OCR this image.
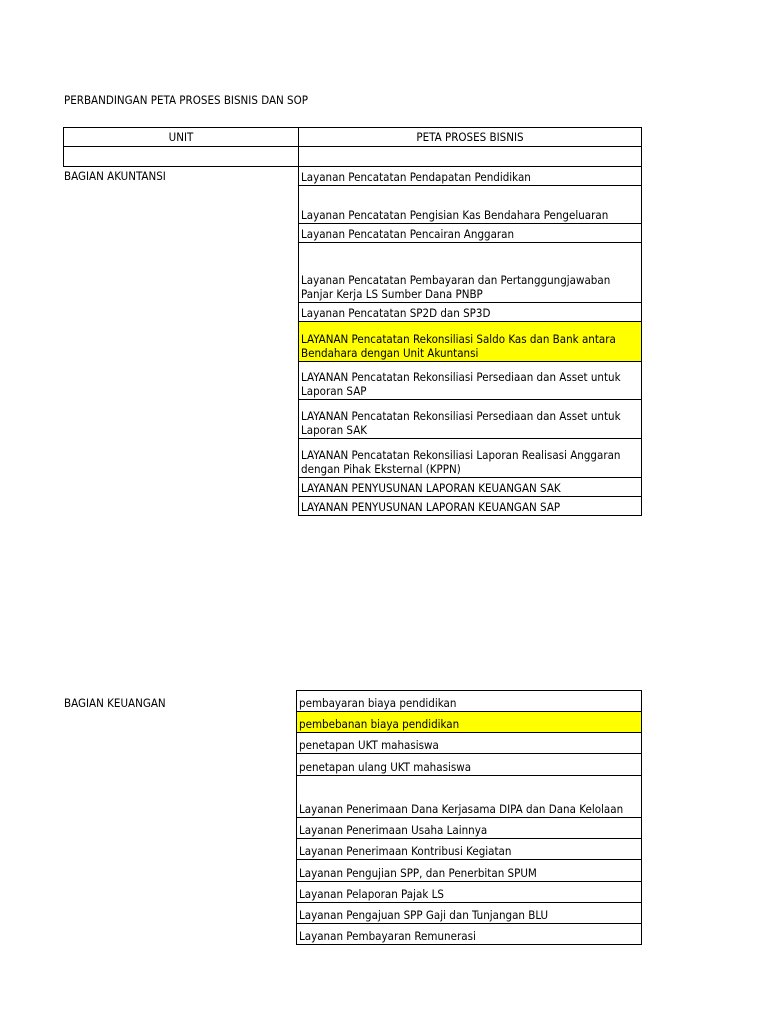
PERBANDINGAN PETA PROSES BISNIS DAN SOP
UNIT	PETA PROSES BISNIS
BAGIAN AKUNTANSI	Layanan Pencatatan Pendapatan Pendidikan
Layanan Pencatatan Pengisian Kas Bendahara Pengeluaran
Layanan Pencatatan Pencairan Anggaran
Layanan Pencatatan Pembayaran dan Pertanggungjawaban Panjar Kerja LS Sumber Dana PNBP
Layanan Pencatatan SP2D dan SP3D
LAYANAN Pencatatan Rekonsiliasi Saldo Kas dan Bank antara Bendahara dengan Unit Akuntansi
LAYANAN Pencatatan Rekonsiliasi Persediaan dan Asset untuk Laporan SAP
LAYANAN Pencatatan Rekonsiliasi Persediaan dan Asset untuk Laporan SAK
LAYANAN Pencatatan Rekonsiliasi Laporan Realisasi Anggaran dengan Pihak Eksternal (KPPN)
LAYANAN PENYUSUNAN LAPORAN KEUANGAN SAK
LAYANAN PENYUSUNAN LAPORAN KEUANGAN SAP
BAGIAN KEUANGAN	pembayaran biaya pendidikan
pembebanan biaya pendidikan
penetapan UKT mahasiswa
penetapan ulang UKT mahasiswa
Layanan Penerimaan Dana Kerjasama DIPA dan Dana Kelolaan
Layanan Penerimaan Usaha Lainnya
Layanan Penerimaan Kontribusi Kegiatan
Layanan Pengujian SPP, dan Penerbitan SPUM
Layanan Pelaporan Pajak LS
Layanan Pengajuan SPP Gaji dan Tunjangan BLU
Layanan Pembayaran Remunerasi
